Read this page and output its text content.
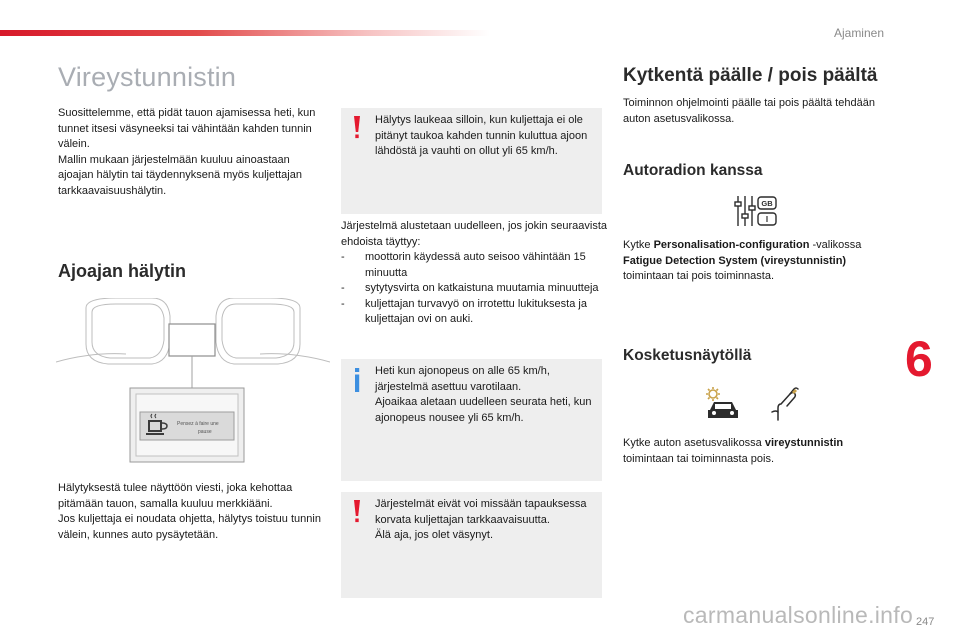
Ajaminen
Vireystunnistin

Suosittelemme, että pidät tauon ajamisessa heti, kun tunnet itsesi väsyneeksi tai vähintään kahden tunnin välein.

Mallin mukaan järjestelmään kuuluu ainoastaan ajoajan hälytin tai täydennyksenä myös kuljettajan tarkkaavaisuushälytin.

Ajoajan hälytin
Pensez à faire une
pause

Hälytyksestä tulee näyttöön viesti, joka kehottaa pitämään tauon, samalla kuuluu merkkiääni.

Jos kuljettaja ei noudata ohjetta, hälytys toistuu tunnin välein, kunnes auto pysäytetään.

Hälytys laukeaa silloin, kun kuljettaja ei ole pitänyt taukoa kahden tunnin kuluttua ajoon lähdöstä ja vauhti on ollut yli 65 km/h.
Järjestelmä alustetaan uudelleen, jos jokin seuraavista ehdoista täyttyy:
- moottorin käydessä auto seisoo vähintään 15 minuutta
- sytytysvirta on katkaistuna muutamia minuutteja
- kuljettajan turvavyö on irrotettu lukituksesta ja kuljettajan ovi on auki.

Heti kun ajonopeus on alle 65 km/h, järjestelmä asettuu varotilaan.

Ajoaikaa aletaan uudelleen seurata heti, kun ajonopeus nousee yli 65 km/h.

Järjestelmät eivät voi missään tapauksessa korvata kuljettajan tarkkaavaisuutta.

Älä aja, jos olet väsynyt.

Kytkentä päälle / pois päältä
Toiminnon ohjelmointi päälle tai pois päältä tehdään auton asetusvalikossa.
Autoradion kanssa
GB
I
Kytke Personalisation-configuration -valikossa Fatigue Detection System (vireystunnistin) toimintaan tai pois toiminnasta.
Kosketusnäytöllä
Kytke auton asetusvalikossa vireystunnistin toimintaan tai toiminnasta pois.
6
carmanualsonline.info 247
